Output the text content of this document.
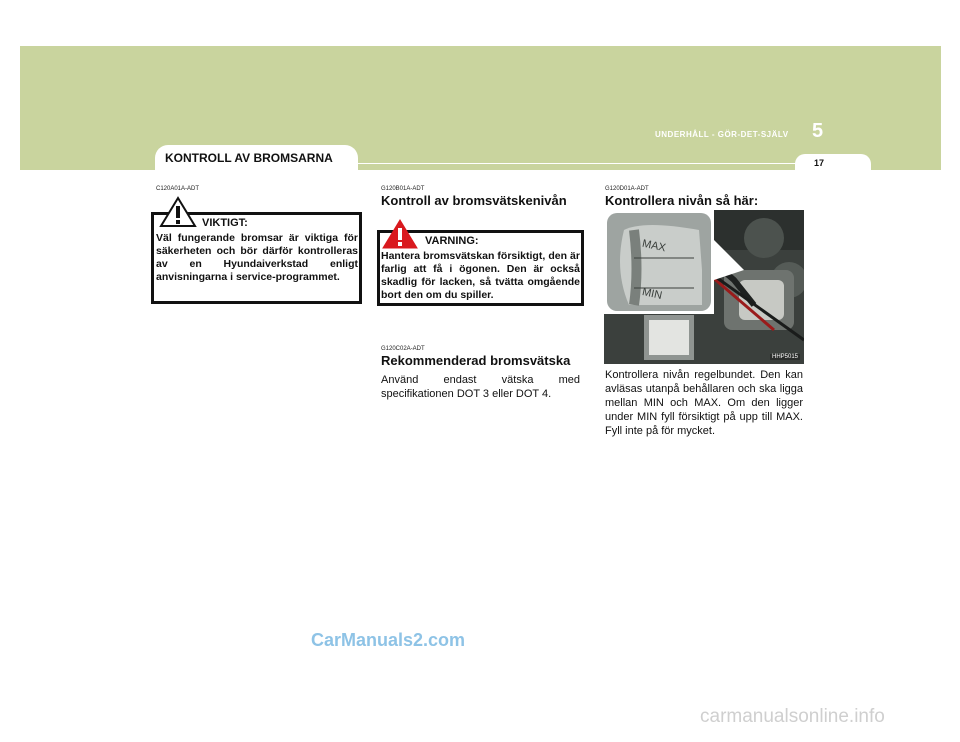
UNDERHÅLL - GÖR-DET-SJÄLV 5
17
KONTROLL AV BROMSARNA
C120A01A-ADT
VIKTIGT:
Väl fungerande bromsar är viktiga för säkerheten och bör därför kontrolleras av en Hyundaiverkstad enligt anvisningarna i service-programmet.
G120B01A-ADT
Kontroll av bromsvätskenivån
VARNING:
Hantera bromsvätskan försiktigt, den är farlig att få i ögonen. Den är också skadlig för lacken, så tvätta omgående bort den om du spiller.
G120C02A-ADT
Rekommenderad bromsvätska
Använd endast vätska med specifikationen DOT 3 eller DOT 4.
G120D01A-ADT
Kontrollera nivån så här:
MAX
MIN
HHP5015
Kontrollera nivån regelbundet. Den kan avläsas utanpå behållaren och ska ligga mellan MIN och MAX. Om den ligger under MIN fyll försiktigt på upp till MAX. Fyll inte på för mycket.
CarManuals2.com
carmanualsonline.info
